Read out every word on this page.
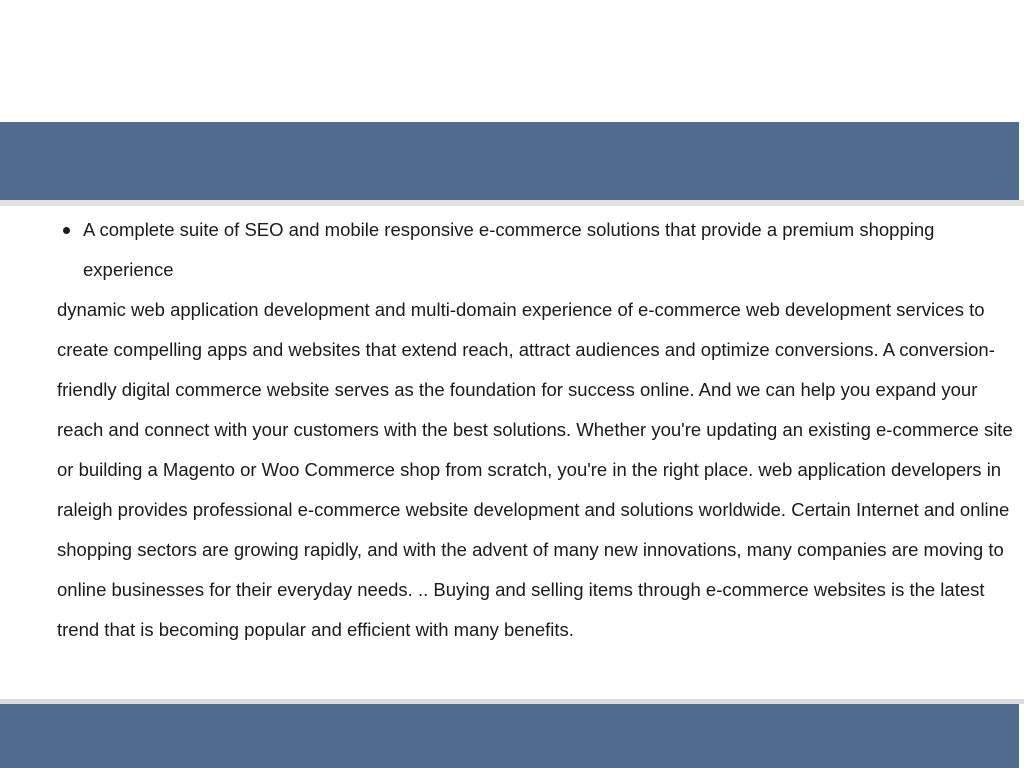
A complete suite of SEO and mobile responsive e-commerce solutions that provide a premium shopping experience

dynamic web application development and multi-domain experience of e-commerce web development services to create compelling apps and websites that extend reach, attract audiences and optimize conversions. A conversion-friendly digital commerce website serves as the foundation for success online. And we can help you expand your reach and connect with your customers with the best solutions. Whether you're updating an existing e-commerce site or building a Magento or Woo Commerce shop from scratch, you're in the right place. web application developers in raleigh provides professional e-commerce website development and solutions worldwide. Certain Internet and online shopping sectors are growing rapidly, and with the advent of many new innovations, many companies are moving to online businesses for their everyday needs. .. Buying and selling items through e-commerce websites is the latest trend that is becoming popular and efficient with many benefits.
